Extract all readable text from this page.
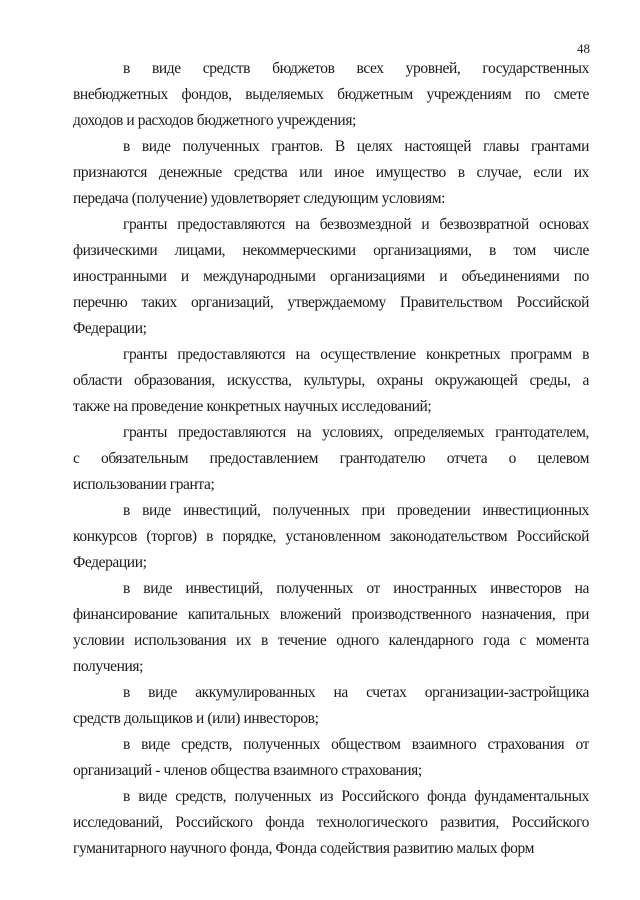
48
в виде средств бюджетов всех уровней, государственных
внебюджетных фондов, выделяемых бюджетным учреждениям по смете
доходов и расходов бюджетного учреждения;
в виде полученных грантов. В целях настоящей главы грантами
признаются денежные средства или иное имущество в случае, если их
передача (получение) удовлетворяет следующим условиям:
гранты предоставляются на безвозмездной и безвозвратной основах
физическими лицами, некоммерческими организациями, в том числе
иностранными и международными организациями и объединениями по
перечню таких организаций, утверждаемому Правительством Российской
Федерации;
гранты предоставляются на осуществление конкретных программ в
области образования, искусства, культуры, охраны окружающей среды, а
также на проведение конкретных научных исследований;
гранты предоставляются на условиях, определяемых грантодателем,
с обязательным предоставлением грантодателю отчета о целевом
использовании гранта;
в виде инвестиций, полученных при проведении инвестиционных
конкурсов (торгов) в порядке, установленном законодательством Российской
Федерации;
в виде инвестиций, полученных от иностранных инвесторов на
финансирование капитальных вложений производственного назначения, при
условии использования их в течение одного календарного года с момента
получения;
в виде аккумулированных на счетах организации-застройщика
средств дольщиков и (или) инвесторов;
в виде средств, полученных обществом взаимного страхования от
организаций - членов общества взаимного страхования;
в виде средств, полученных из Российского фонда фундаментальных
исследований, Российского фонда технологического развития, Российского
гуманитарного научного фонда, Фонда содействия развитию малых форм
